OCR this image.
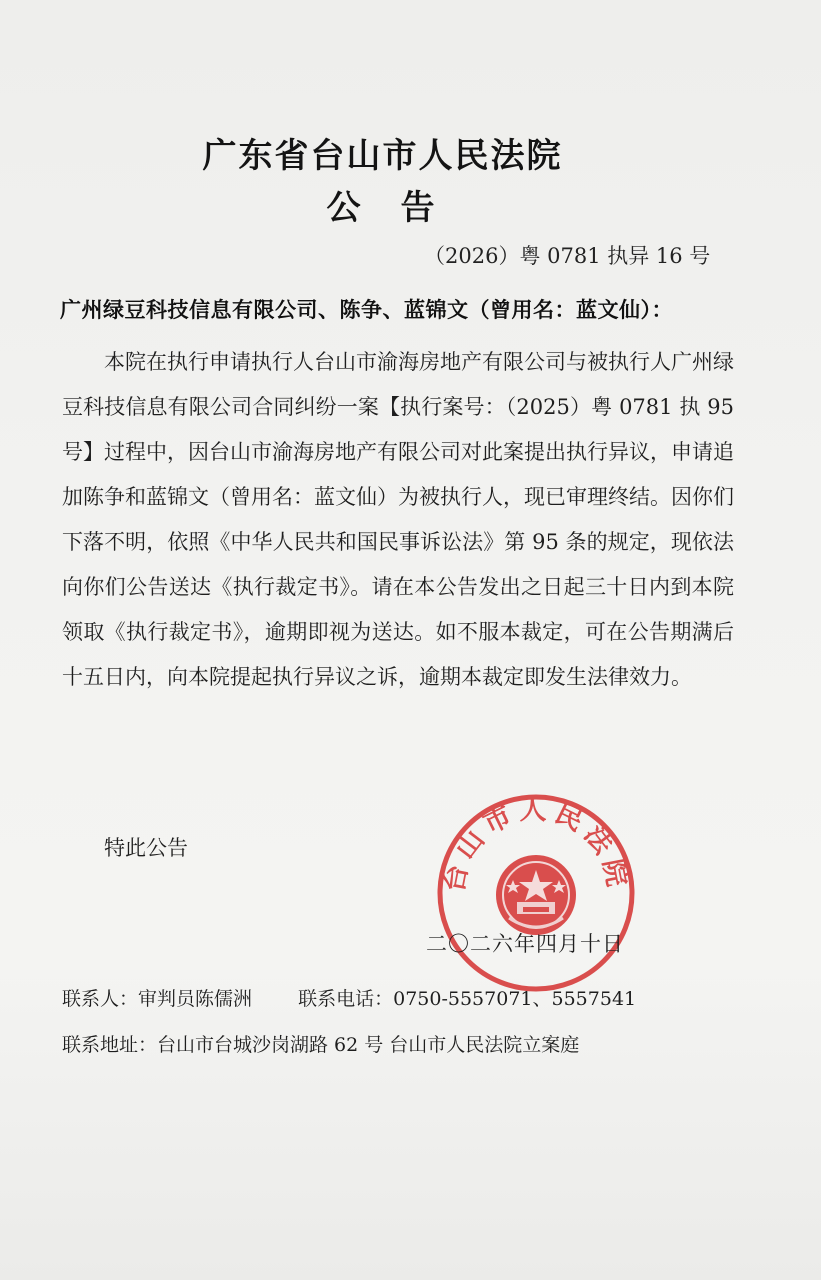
广东省台山市人民法院
公告
（2026）粤 0781 执异 16 号
广州绿豆科技信息有限公司、陈争、蓝锦文（曾用名：蓝文仙）：
本院在执行申请执行人台山市渝海房地产有限公司与被执行人广州绿豆科技信息有限公司合同纠纷一案【执行案号：（2025）粤 0781 执 95 号】过程中，因台山市渝海房地产有限公司对此案提出执行异议，申请追加陈争和蓝锦文（曾用名：蓝文仙）为被执行人，现已审理终结。因你们下落不明，依照《中华人民共和国民事诉讼法》第 95 条的规定，现依法向你们公告送达《执行裁定书》。请在本公告发出之日起三十日内到本院领取《执行裁定书》，逾期即视为送达。如不服本裁定，可在公告期满后十五日内，向本院提起执行异议之诉，逾期本裁定即发生法律效力。
特此公告
台山市人民法院
二〇二六年四月十日
联系人：审判员陈儒洲 联系电话：0750-5557071、5557541
联系地址：台山市台城沙岗湖路 62 号 台山市人民法院立案庭
